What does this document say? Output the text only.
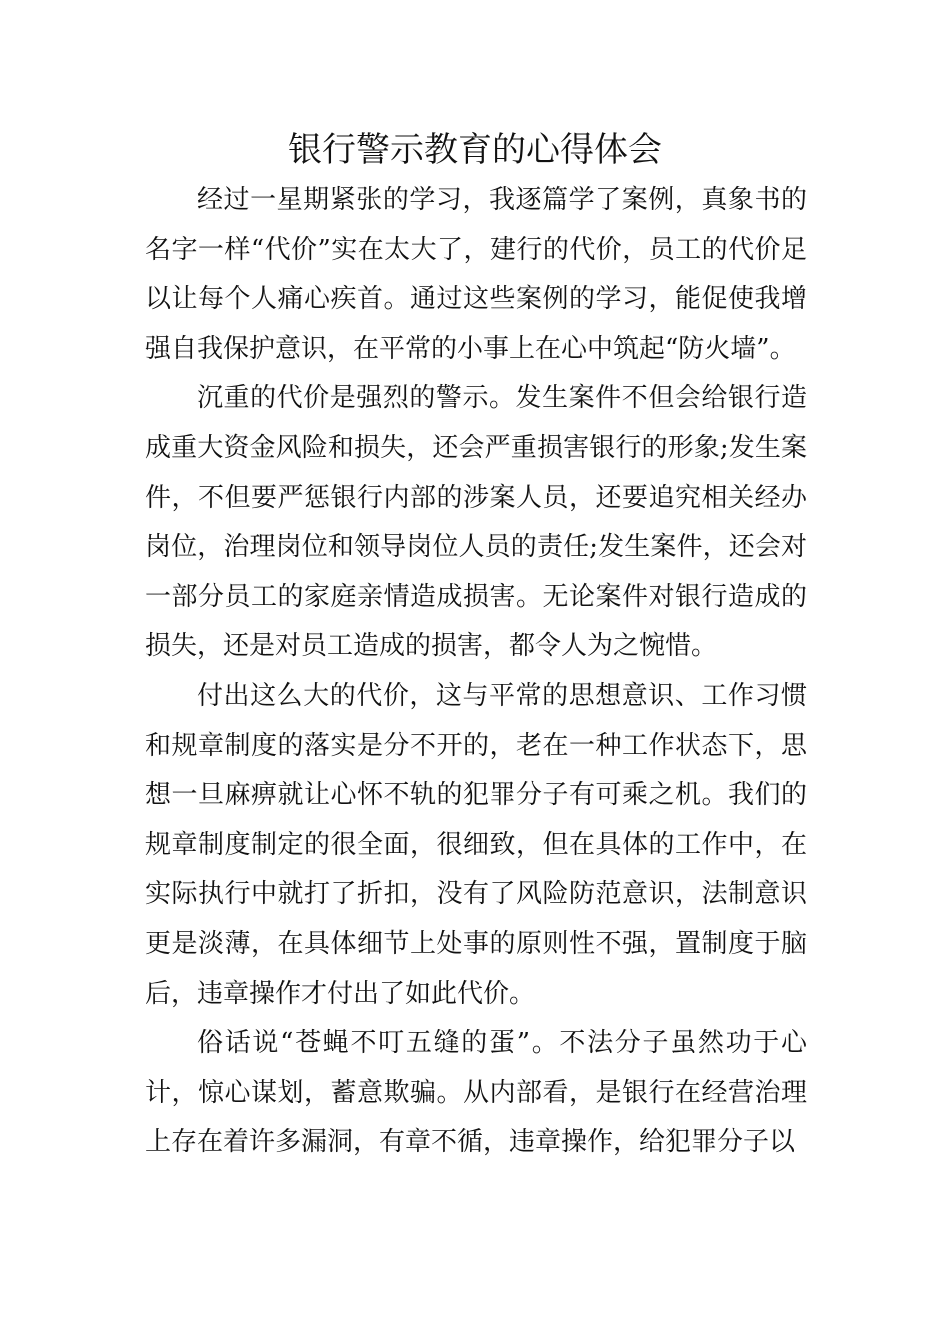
银行警示教育的心得体会

经过一星期紧张的学习，我逐篇学了案例，真象书的名字一样“代价”实在太大了，建行的代价，员工的代价足以让每个人痛心疾首。通过这些案例的学习，能促使我增强自我保护意识，在平常的小事上在心中筑起“防火墙”。

沉重的代价是强烈的警示。发生案件不但会给银行造成重大资金风险和损失，还会严重损害银行的形象;发生案件，不但要严惩银行内部的涉案人员，还要追究相关经办岗位，治理岗位和领导岗位人员的责任;发生案件，还会对一部分员工的家庭亲情造成损害。无论案件对银行造成的损失，还是对员工造成的损害，都令人为之惋惜。

付出这么大的代价，这与平常的思想意识、工作习惯和规章制度的落实是分不开的，老在一种工作状态下，思想一旦麻痹就让心怀不轨的犯罪分子有可乘之机。我们的规章制度制定的很全面，很细致，但在具体的工作中，在实际执行中就打了折扣，没有了风险防范意识，法制意识更是淡薄，在具体细节上处事的原则性不强，置制度于脑后，违章操作才付出了如此代价。

俗话说“苍蝇不叮五缝的蛋”。不法分子虽然功于心计，惊心谋划，蓄意欺骗。从内部看，是银行在经营治理上存在着许多漏洞，有章不循，违章操作，给犯罪分子以
